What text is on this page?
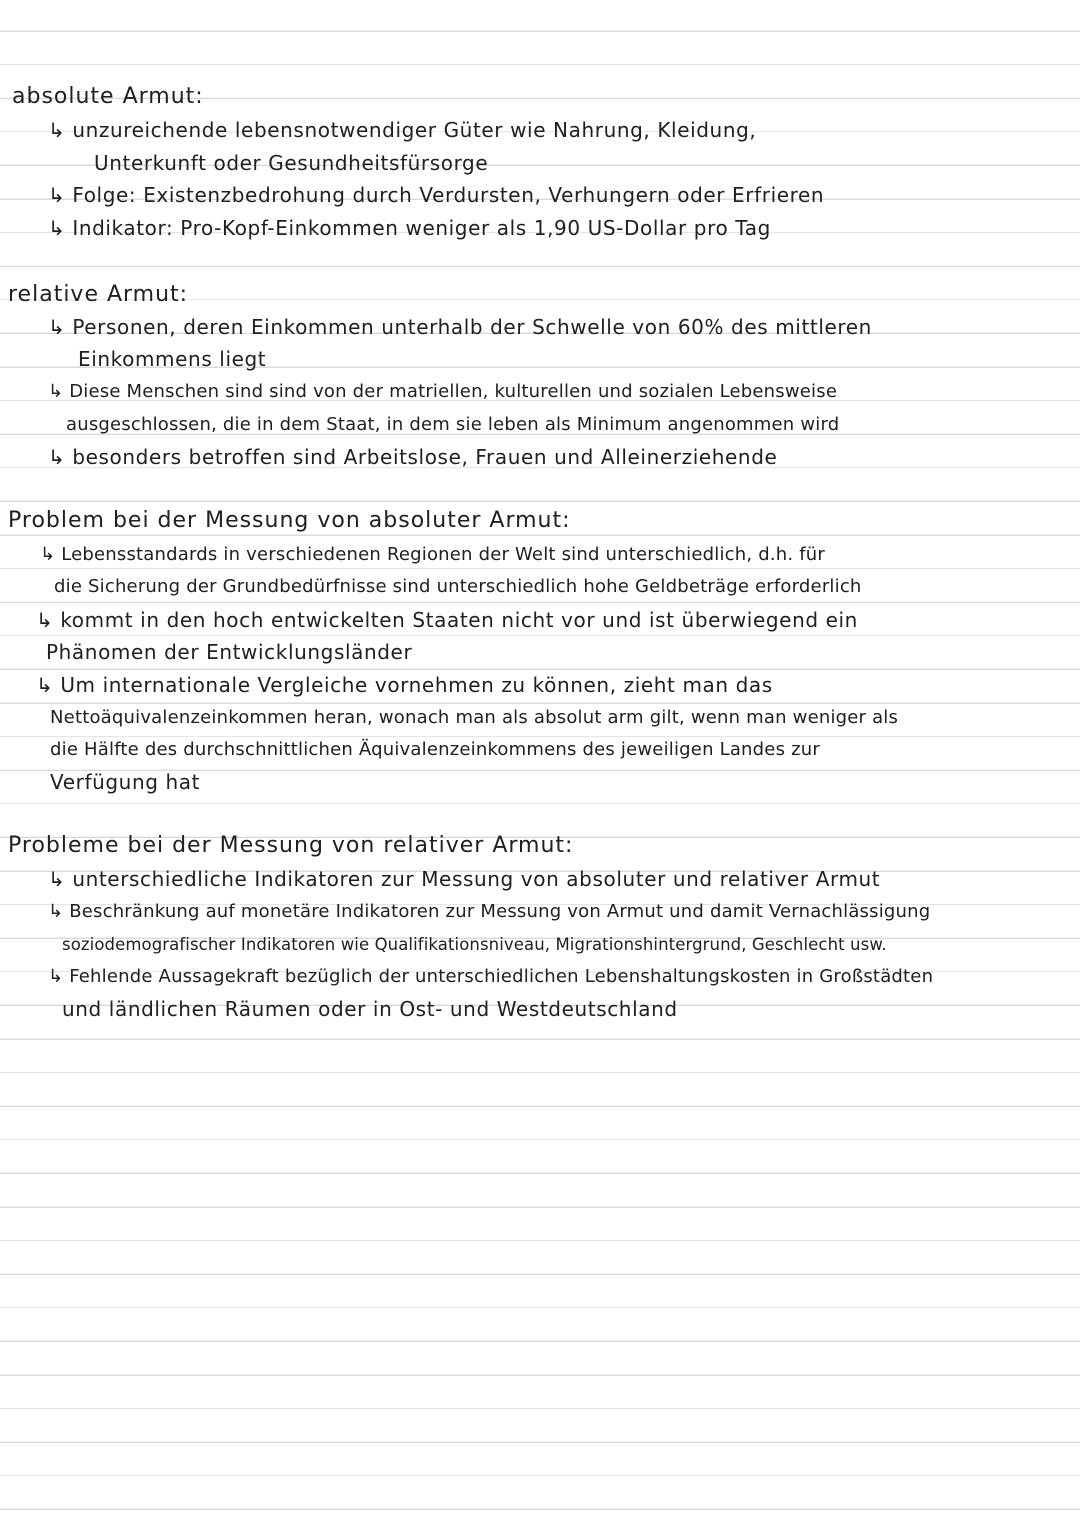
absolute Armut:
↳ unzureichende lebensnotwendiger Güter wie Nahrung, Kleidung,
Unterkunft oder Gesundheitsfürsorge
↳ Folge: Existenzbedrohung durch Verdursten, Verhungern oder Erfrieren
↳ Indikator: Pro-Kopf-Einkommen weniger als 1,90 US-Dollar pro Tag
relative Armut:
↳ Personen, deren Einkommen unterhalb der Schwelle von 60% des mittleren
Einkommens liegt
↳ Diese Menschen sind sind von der matriellen, kulturellen und sozialen Lebensweise
ausgeschlossen, die in dem Staat, in dem sie leben als Minimum angenommen wird
↳ besonders betroffen sind Arbeitslose, Frauen und Alleinerziehende
Problem bei der Messung von absoluter Armut:
↳ Lebensstandards in verschiedenen Regionen der Welt sind unterschiedlich, d.h. für
die Sicherung der Grundbedürfnisse sind unterschiedlich hohe Geldbeträge erforderlich
↳ kommt in den hoch entwickelten Staaten nicht vor und ist überwiegend ein
Phänomen der Entwicklungsländer
↳ Um internationale Vergleiche vornehmen zu können, zieht man das
Nettoäquivalenzeinkommen heran, wonach man als absolut arm gilt, wenn man weniger als
die Hälfte des durchschnittlichen Äquivalenzeinkommens des jeweiligen Landes zur
Verfügung hat
Probleme bei der Messung von relativer Armut:
↳ unterschiedliche Indikatoren zur Messung von absoluter und relativer Armut
↳ Beschränkung auf monetäre Indikatoren zur Messung von Armut und damit Vernachlässigung
soziodemografischer Indikatoren wie Qualifikationsniveau, Migrationshintergrund, Geschlecht usw.
↳ Fehlende Aussagekraft bezüglich der unterschiedlichen Lebenshaltungskosten in Großstädten
und ländlichen Räumen oder in Ost- und Westdeutschland
